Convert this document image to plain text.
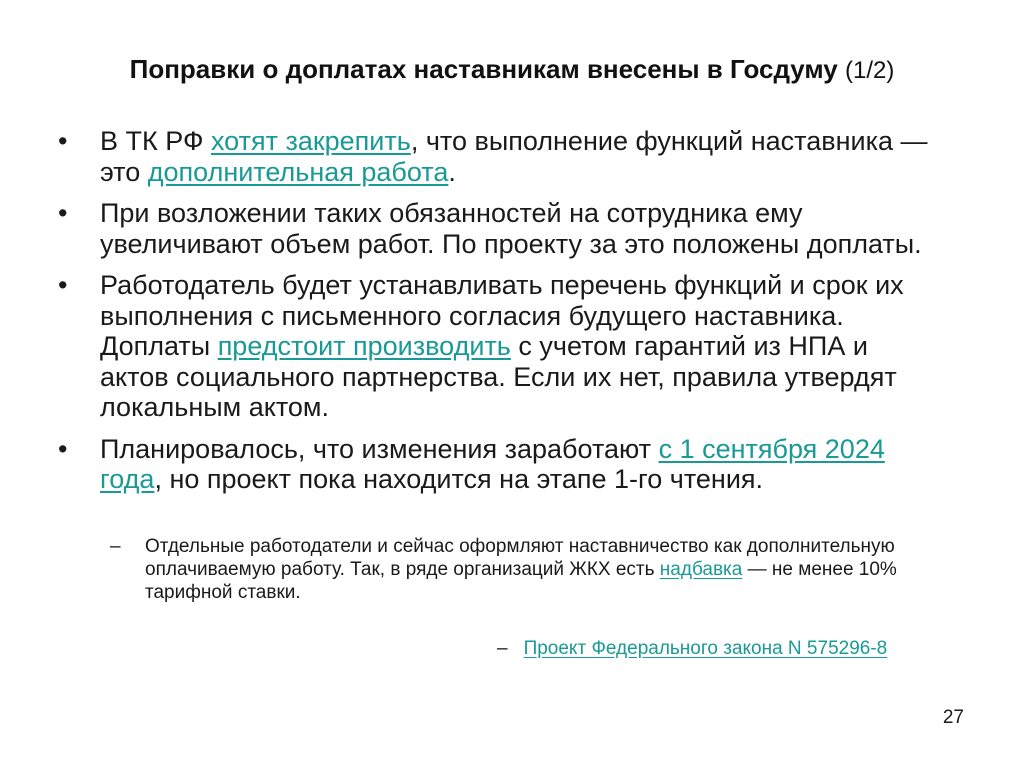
Поправки о доплатах наставникам внесены в Госдуму (1/2)
• В ТК РФ хотят закрепить, что выполнение функций наставника — это дополнительная работа.
• При возложении таких обязанностей на сотрудника ему увеличивают объем работ. По проекту за это положены доплаты.
• Работодатель будет устанавливать перечень функций и срок их выполнения с письменного согласия будущего наставника. Доплаты предстоит производить с учетом гарантий из НПА и актов социального партнерства. Если их нет, правила утвердят локальным актом.
• Планировалось, что изменения заработают с 1 сентября 2024 года, но проект пока находится на этапе 1-го чтения.
–	Отдельные работодатели и сейчас оформляют наставничество как дополнительную оплачиваемую работу. Так, в ряде организаций ЖКХ есть надбавка — не менее 10% тарифной ставки.
– Проект Федерального закона N 575296-8
27
